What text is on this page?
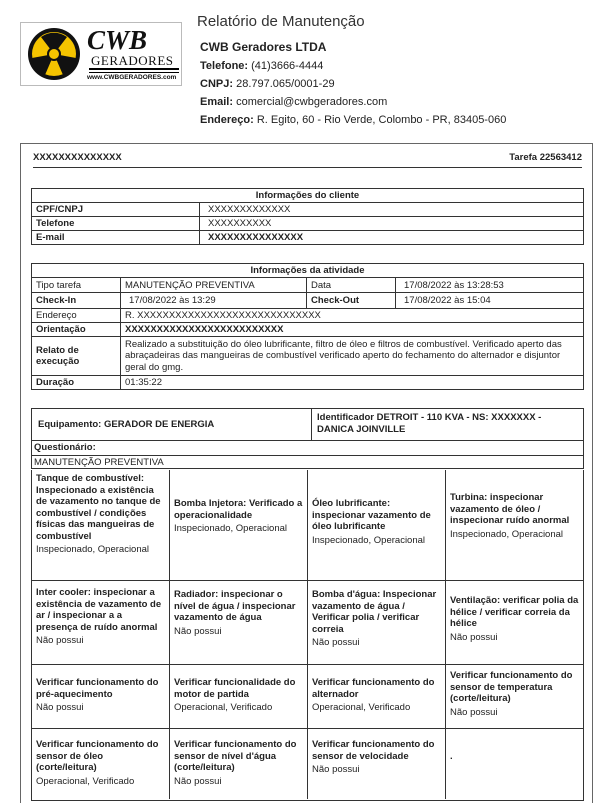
CWB
GERADORES
www.CWBGERADORES.com
Relatório de Manutenção
CWB Geradores LTDA
Telefone: (41)3666-4444
CNPJ: 28.797.065/0001-29
Email: comercial@cwbgeradores.com
Endereço: R. Egito, 60 - Rio Verde, Colombo - PR, 83405-060
XXXXXXXXXXXXXX	Tarefa 22563412
Informações do cliente	
CPF/CNPJ	XXXXXXXXXXXXX
Telefone	XXXXXXXXXX
E-mail	XXXXXXXXXXXXXXX
Informações da atividade			
Tipo tarefa	MANUTENÇÃO PREVENTIVA	Data	17/08/2022 às 13:28:53
Check-In	17/08/2022 às 13:29	Check-Out	17/08/2022 às 15:04
Endereço	R. XXXXXXXXXXXXXXXXXXXXXXXXXXXXX		
Orientação	XXXXXXXXXXXXXXXXXXXXXXXXX		
Relato de execução	Realizado a substituição do óleo lubrificante, filtro de óleo e filtros de combustível. Verificado aperto das abraçadeiras das mangueiras de combustível verificado aperto do fechamento do alternador e disjuntor geral do gmg.		
Duração	01:35:22		
Equipamento: GERADOR DE ENERGIA
Identificador DETROIT - 110 KVA - NS: XXXXXXX - DANICA JOINVILLE
Questionário:
MANUTENÇÃO PREVENTIVA
Tanque de combustível: Inspecionado a existência de vazamento no tanque de combustível / condições físicas das mangueiras de combustível
Inspecionado, Operacional
Bomba Injetora: Verificado a operacionalidade
Inspecionado, Operacional
Óleo lubrificante: inspecionar vazamento de óleo lubrificante
Inspecionado, Operacional
Turbina: inspecionar vazamento de óleo / inspecionar ruído anormal
Inspecionado, Operacional
Inter cooler: inspecionar a existência de vazamento de ar / inspecionar a a presença de ruído anormal
Não possui
Radiador: inspecionar o nível de água / inspecionar vazamento de água
Não possui
Bomba d'água: Inspecionar vazamento de água / Verificar polia / verificar correia
Não possui
Ventilação: verificar polia da hélice / verificar correia da hélice
Não possui
Verificar funcionamento do pré-aquecimento
Não possui
Verificar funcionalidade do motor de partida
Operacional, Verificado
Verificar funcionamento do alternador
Operacional, Verificado
Verificar funcionamento do sensor de temperatura (corte/leitura)
Não possui
Verificar funcionamento do sensor de óleo (corte/leitura)
Operacional, Verificado
Verificar funcionamento do sensor de nível d'água (corte/leitura)
Não possui
Verificar funcionamento do sensor de velocidade
Não possui
.
